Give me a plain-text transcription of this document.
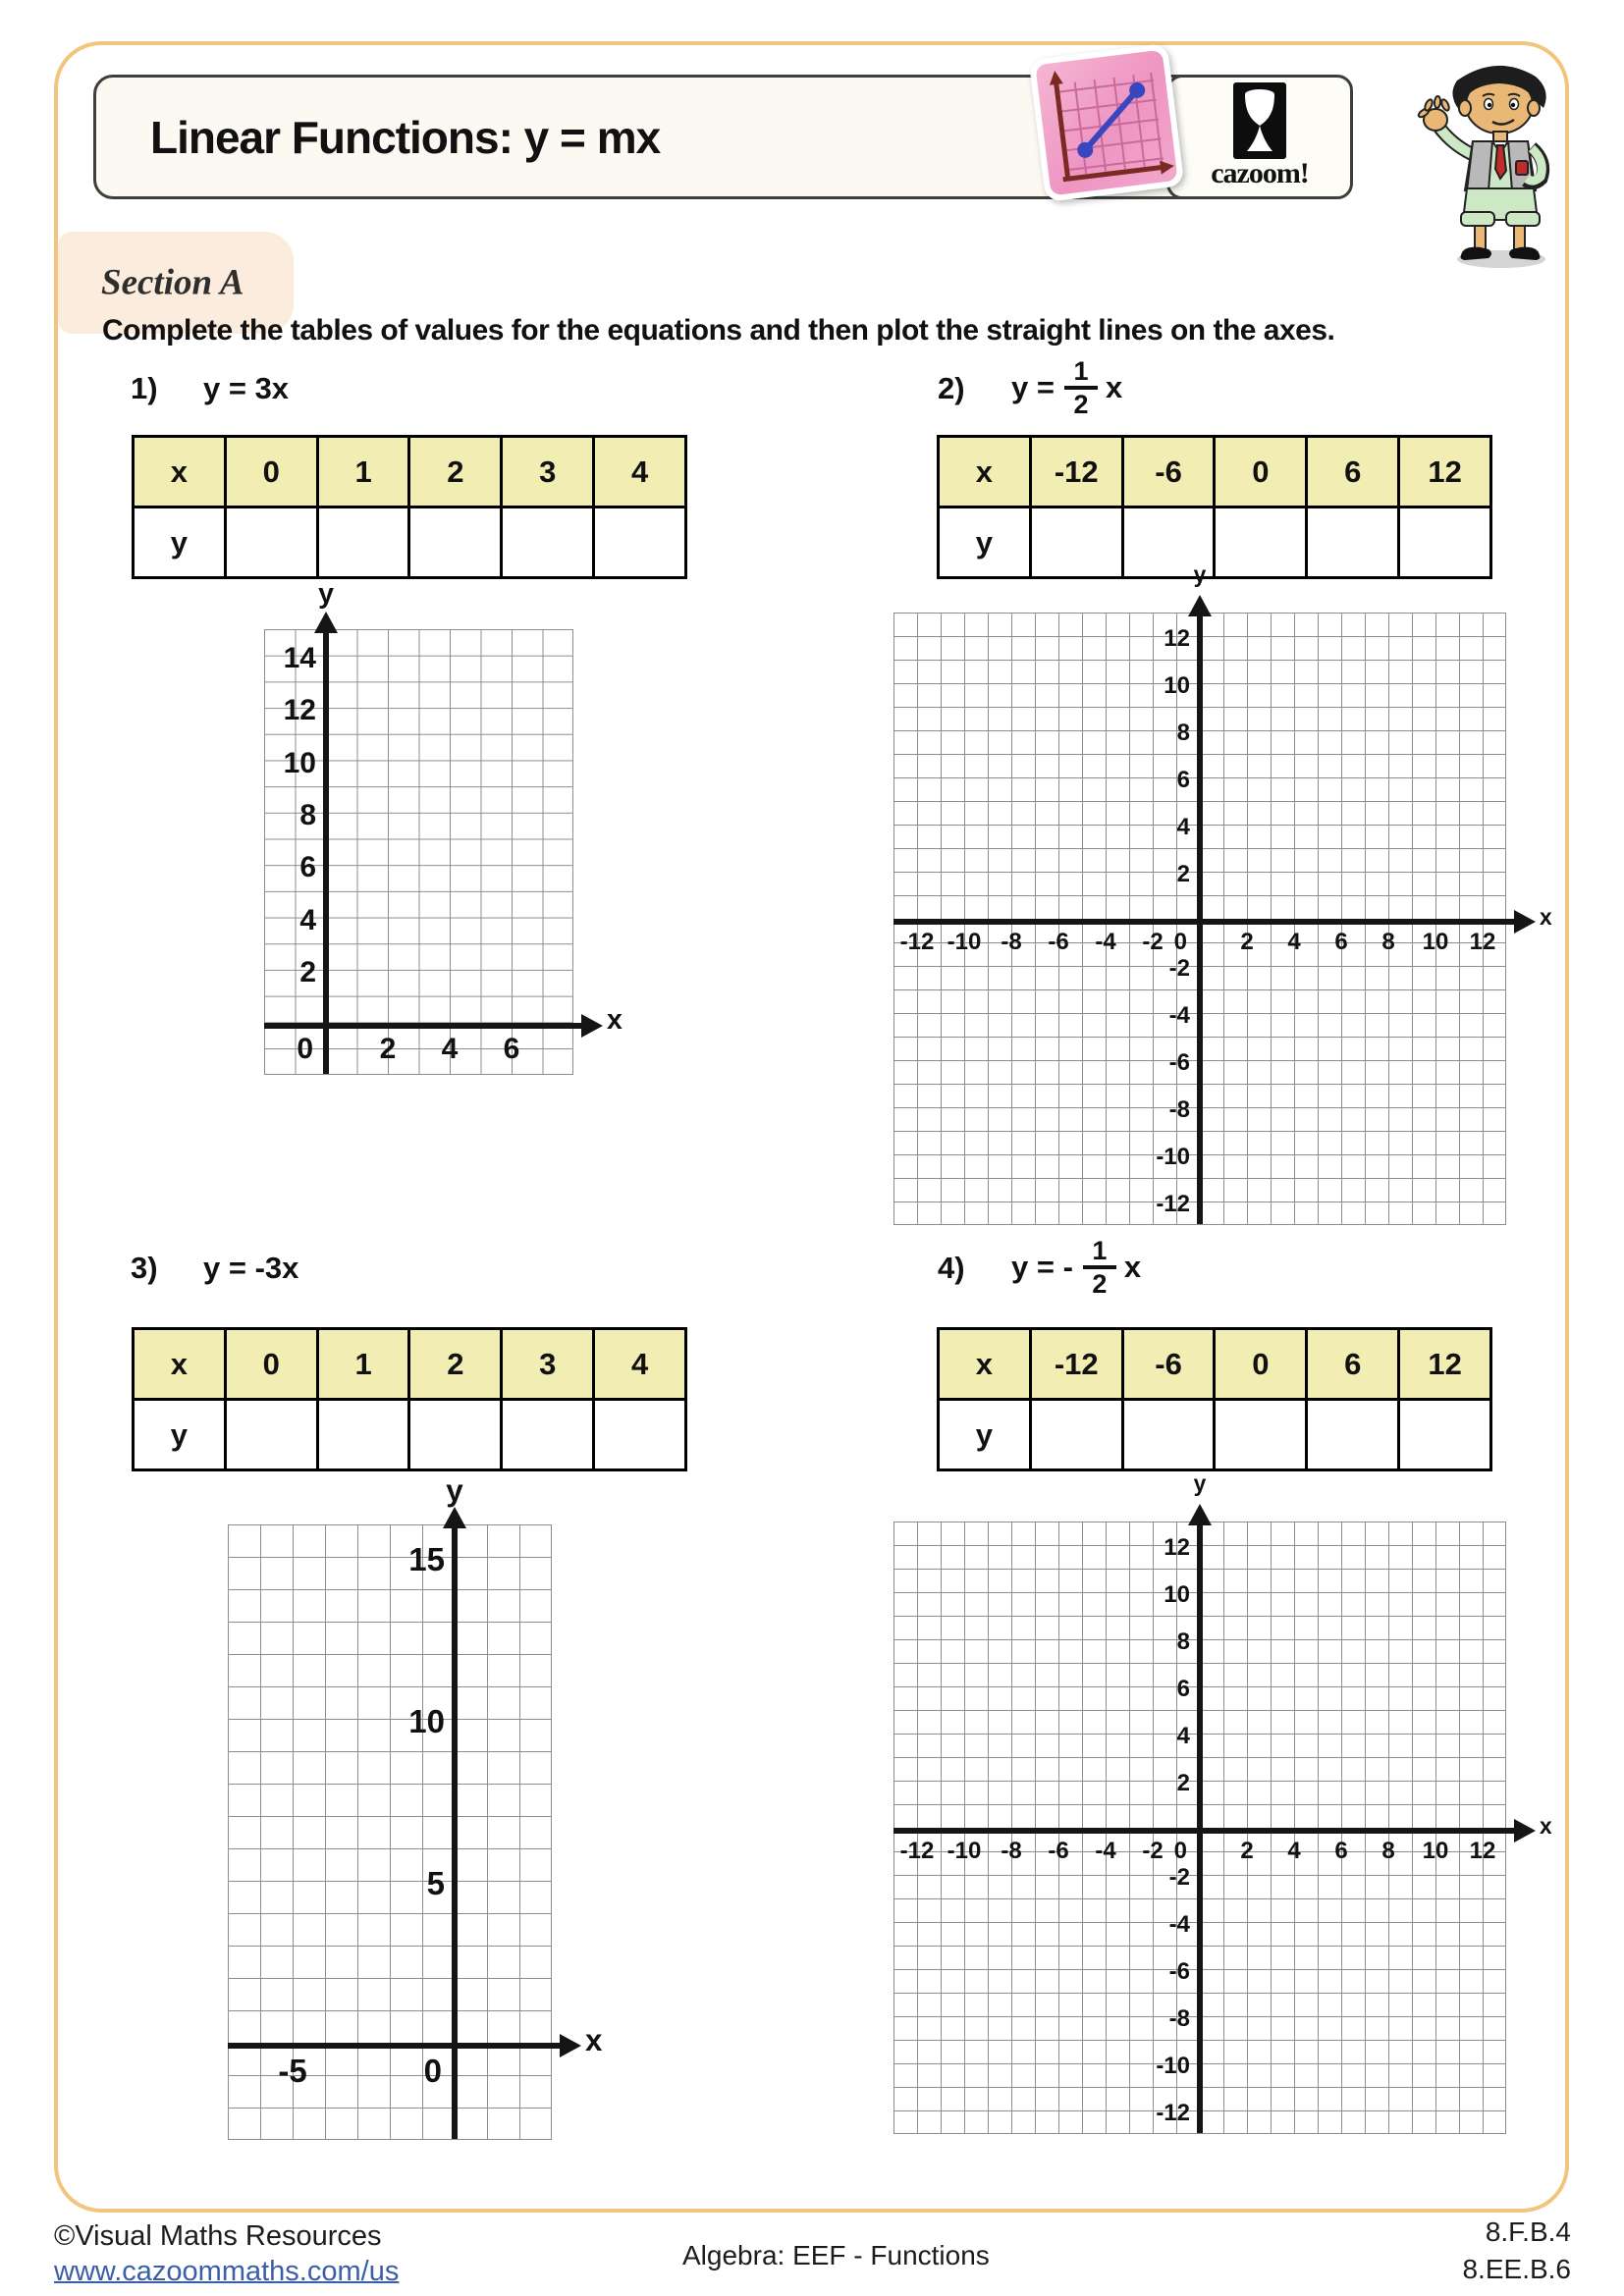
Linear Functions: y = mx
cazoom!
Section A
Complete the tables of values for the equations and then plot the straight lines on the axes.
1) y = 3x
x	0	1	2	3	4
y					
2) $y = \frac{1}{2}$ x
x	-12	-6	0	6	12
y					
3) y = -3x
x	0	1	2	3	4
y					
4) y = - $\frac{1}{2}$ x
x	-12	-6	0	6	12
y					
y
x
14
12
10
8
6
4
2
2 4 6
0
y
x
12
10
8
6
4
2
-2
-4
-6
-8
-10
-12
-12 -10 -8 -6 -4 -2	2 4 6 8 10 12
0
y
x
15
10
5
-5	0
y
x
12
10
8
6
4
2
-2
-4
-6
-8
-10
-12
-12 -10 -8 -6 -4 -2	2 4 6 8 10 12
0
©Visual Maths Resources
www.cazoommaths.com/us
Algebra: EEF - Functions
8.F.B.4
8.EE.B.6
